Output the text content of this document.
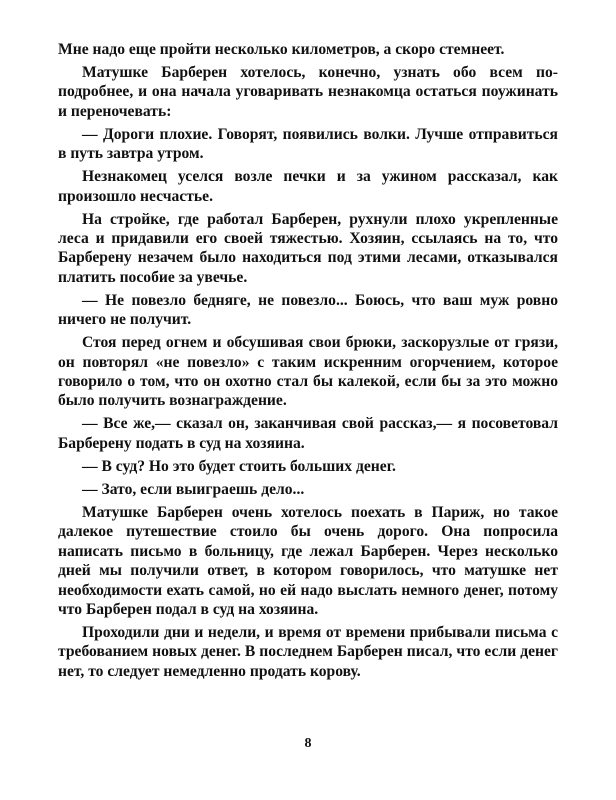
Мне надо еще пройти несколько километров, а скоро стемнеет.

Матушке Барберен хотелось, конечно, узнать обо всем поподробнее, и она начала уговаривать незнакомца остаться поужинать и переночевать:

— Дороги плохие. Говорят, появились волки. Лучше отправиться в путь завтра утром.

Незнакомец уселся возле печки и за ужином рассказал, как произошло несчастье.

На стройке, где работал Барберен, рухнули плохо укрепленные леса и придавили его своей тяжестью. Хозяин, ссылаясь на то, что Барберену незачем было находиться под этими лесами, отказывался платить пособие за увечье.

— Не повезло бедняге, не повезло... Боюсь, что ваш муж ровно ничего не получит.

Стоя перед огнем и обсушивая свои брюки, заскорузлые от грязи, он повторял «не повезло» с таким искренним огорчением, которое говорило о том, что он охотно стал бы калекой, если бы за это можно было получить вознаграждение.

— Все же,— сказал он, заканчивая свой рассказ,— я посоветовал Барберену подать в суд на хозяина.

— В суд? Но это будет стоить больших денег.

— Зато, если выиграешь дело...

Матушке Барберен очень хотелось поехать в Париж, но такое далекое путешествие стоило бы очень дорого. Она попросила написать письмо в больницу, где лежал Барберен. Через несколько дней мы получили ответ, в котором говорилось, что матушке нет необходимости ехать самой, но ей надо выслать немного денег, потому что Барберен подал в суд на хозяина.

Проходили дни и недели, и время от времени прибывали письма с требованием новых денег. В последнем Барберен писал, что если денег нет, то следует немедленно продать корову.

8
